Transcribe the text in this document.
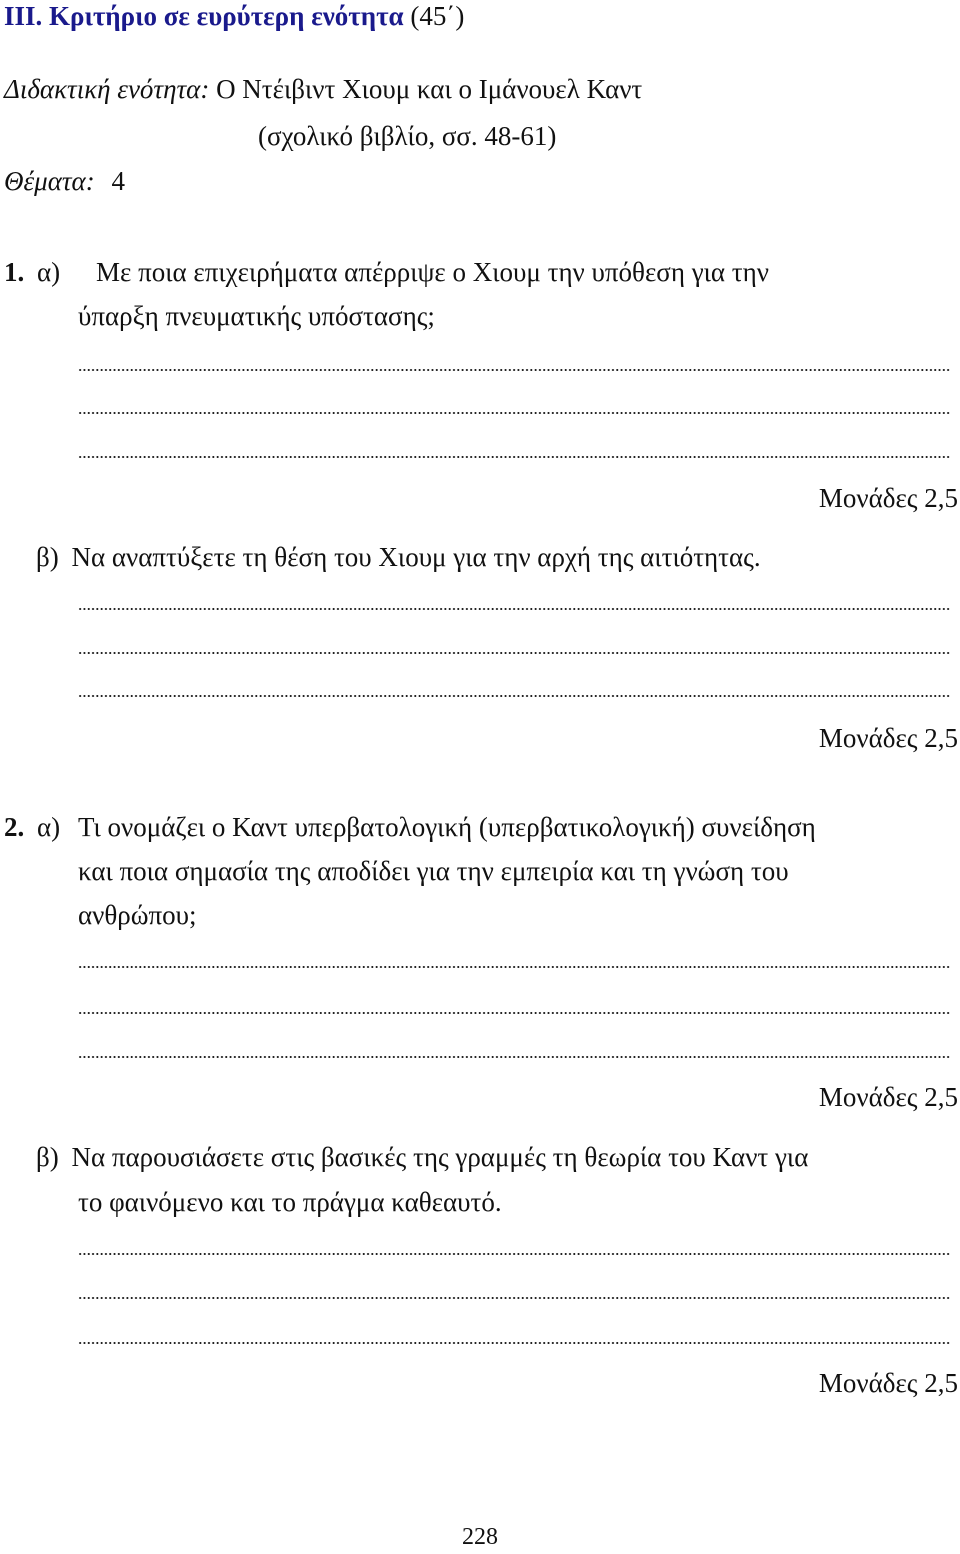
III. Κριτήριο σε ευρύτερη ενότητα (45΄)
Διδακτική ενότητα: Ο Ντέιβιντ Χιουμ και ο Ιμάνουελ Καντ
(σχολικό βιβλίο, σσ. 48-61)
Θέματα: 4
1. α) Με ποια επιχειρήματα απέρριψε ο Χιουμ την υπόθεση για την
ύπαρξη πνευματικής υπόστασης;
Μονάδες 2,5
β) Να αναπτύξετε τη θέση του Χιουμ για την αρχή της αιτιότητας.
Μονάδες 2,5
2. α) Τι ονομάζει ο Καντ υπερβατολογική (υπερβατικολογική) συνείδηση
και ποια σημασία της αποδίδει για την εμπειρία και τη γνώση του
ανθρώπου;
Μονάδες 2,5
β) Να παρουσιάσετε στις βασικές της γραμμές τη θεωρία του Καντ για
το φαινόμενο και το πράγμα καθεαυτό.
Μονάδες 2,5
228
